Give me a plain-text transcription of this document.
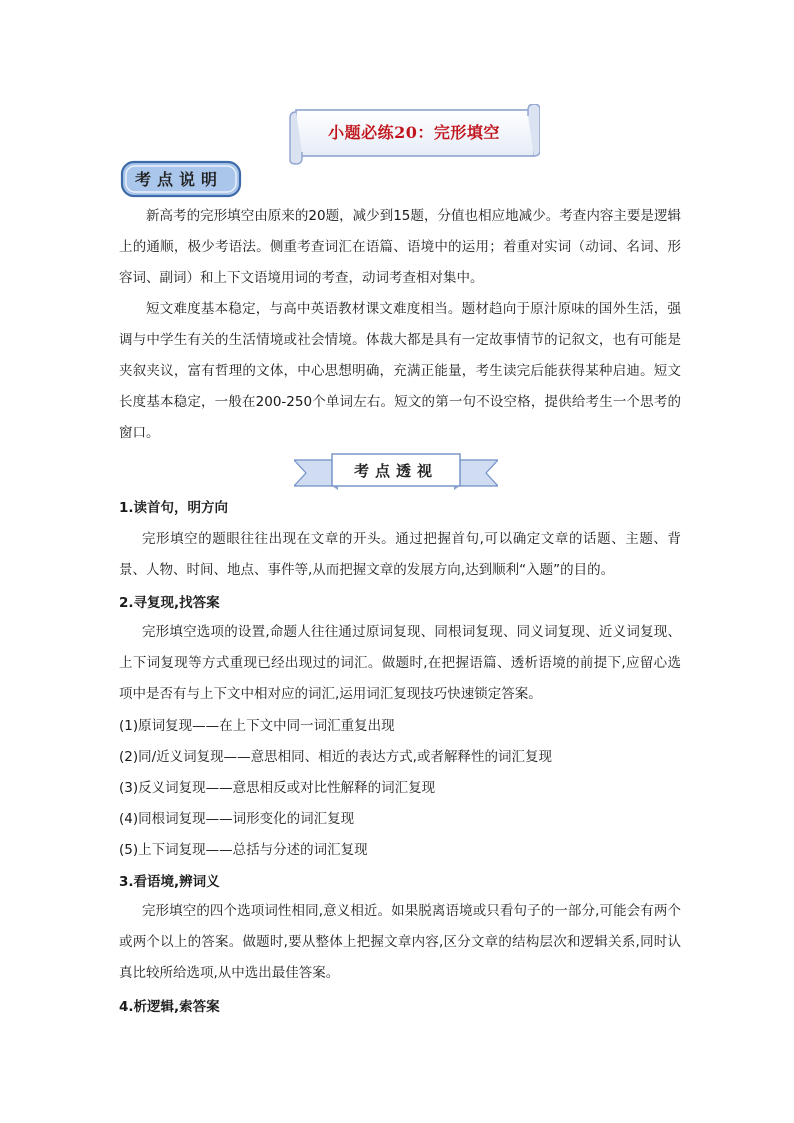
小题必练20：完形填空
考点说明

新高考的完形填空由原来的20题，减少到15题，分值也相应地减少。考查内容主要是逻辑上的通顺，极少考语法。侧重考查词汇在语篇、语境中的运用；着重对实词（动词、名词、形容词、副词）和上下文语境用词的考查，动词考查相对集中。

短文难度基本稳定，与高中英语教材课文难度相当。题材趋向于原汁原味的国外生活，强调与中学生有关的生活情境或社会情境。体裁大都是具有一定故事情节的记叙文，也有可能是夹叙夹议，富有哲理的文体，中心思想明确，充满正能量，考生读完后能获得某种启迪。短文长度基本稳定，一般在200-250个单词左右。短文的第一句不设空格，提供给考生一个思考的窗口。

考点透视
1.读首句，明方向

完形填空的题眼往往出现在文章的开头。通过把握首句,可以确定文章的话题、主题、背景、人物、时间、地点、事件等,从而把握文章的发展方向,达到顺利“入题”的目的。

2.寻复现,找答案

完形填空选项的设置,命题人往往通过原词复现、同根词复现、同义词复现、近义词复现、上下词复现等方式重现已经出现过的词汇。做题时,在把握语篇、透析语境的前提下,应留心选项中是否有与上下文中相对应的词汇,运用词汇复现技巧快速锁定答案。

(1)原词复现——在上下文中同一词汇重复出现
(2)同/近义词复现——意思相同、相近的表达方式,或者解释性的词汇复现
(3)反义词复现——意思相反或对比性解释的词汇复现
(4)同根词复现——词形变化的词汇复现
(5)上下词复现——总括与分述的词汇复现
3.看语境,辨词义

完形填空的四个选项词性相同,意义相近。如果脱离语境或只看句子的一部分,可能会有两个或两个以上的答案。做题时,要从整体上把握文章内容,区分文章的结构层次和逻辑关系,同时认真比较所给选项,从中选出最佳答案。

4.析逻辑,索答案
